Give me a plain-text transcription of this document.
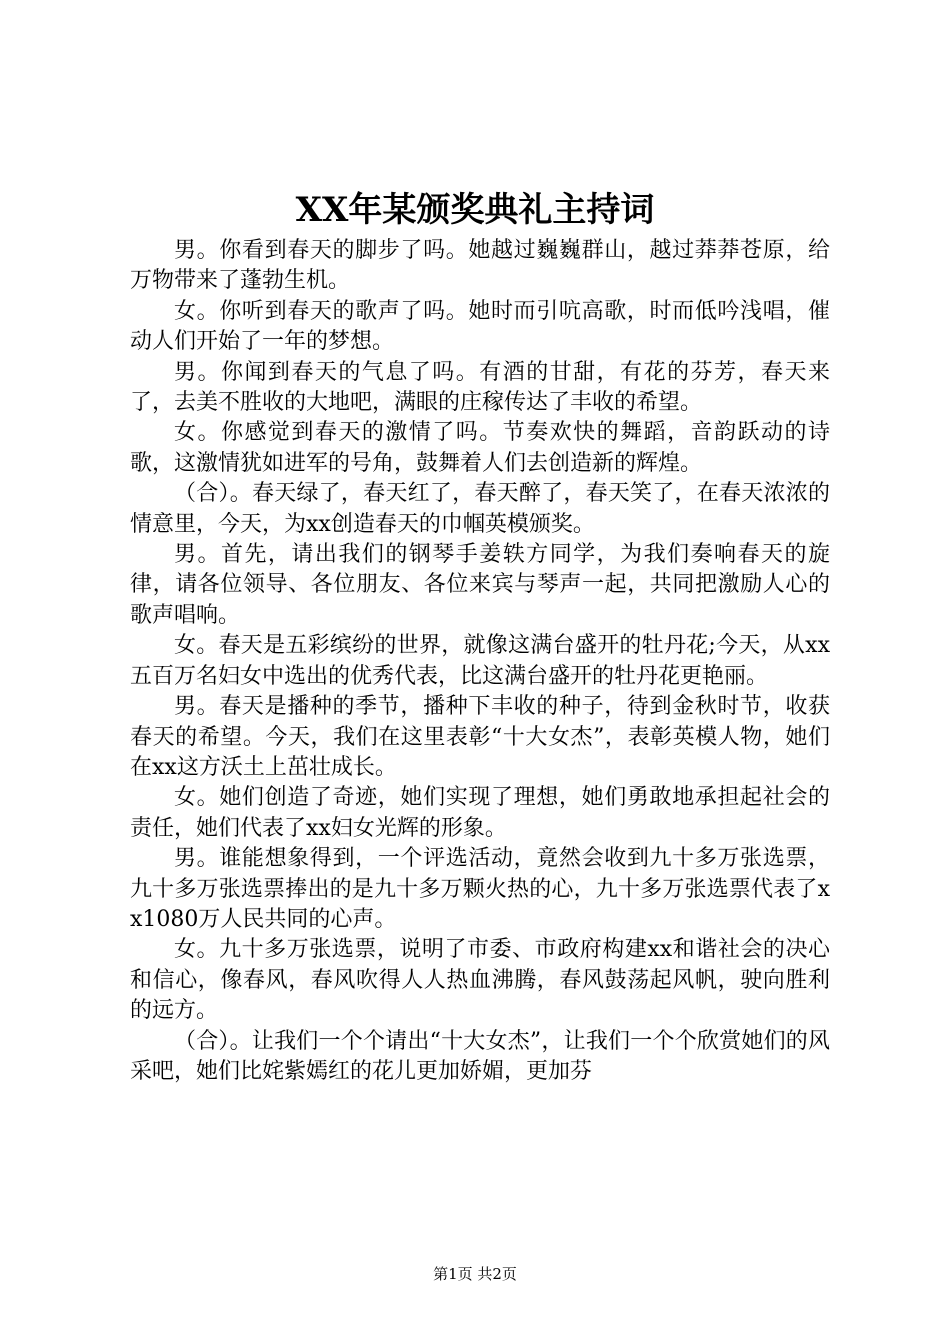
XX年某颁奖典礼主持词

男。你看到春天的脚步了吗。她越过巍巍群山，越过莽莽苍原，给万物带来了蓬勃生机。

女。你听到春天的歌声了吗。她时而引吭高歌，时而低吟浅唱，催动人们开始了一年的梦想。

男。你闻到春天的气息了吗。有酒的甘甜，有花的芬芳，春天来了，去美不胜收的大地吧，满眼的庄稼传达了丰收的希望。

女。你感觉到春天的激情了吗。节奏欢快的舞蹈，音韵跃动的诗歌，这激情犹如进军的号角，鼓舞着人们去创造新的辉煌。

（合）。春天绿了，春天红了，春天醉了，春天笑了，在春天浓浓的情意里，今天，为xx创造春天的巾帼英模颁奖。

男。首先，请出我们的钢琴手姜轶方同学，为我们奏响春天的旋律，请各位领导、各位朋友、各位来宾与琴声一起，共同把激励人心的歌声唱响。

女。春天是五彩缤纷的世界，就像这满台盛开的牡丹花;今天，从xx五百万名妇女中选出的优秀代表，比这满台盛开的牡丹花更艳丽。

男。春天是播种的季节，播种下丰收的种子，待到金秋时节，收获春天的希望。今天，我们在这里表彰“十大女杰”，表彰英模人物，她们在xx这方沃土上茁壮成长。

女。她们创造了奇迹，她们实现了理想，她们勇敢地承担起社会的责任，她们代表了xx妇女光辉的形象。

男。谁能想象得到，一个评选活动，竟然会收到九十多万张选票，九十多万张选票捧出的是九十多万颗火热的心，九十多万张选票代表了xx1080万人民共同的心声。

女。九十多万张选票，说明了市委、市政府构建xx和谐社会的决心和信心，像春风，春风吹得人人热血沸腾，春风鼓荡起风帆，驶向胜利的远方。

（合）。让我们一个个请出“十大女杰”，让我们一个个欣赏她们的风采吧，她们比姹紫嫣红的花儿更加娇媚，更加芬

第1页 共2页
